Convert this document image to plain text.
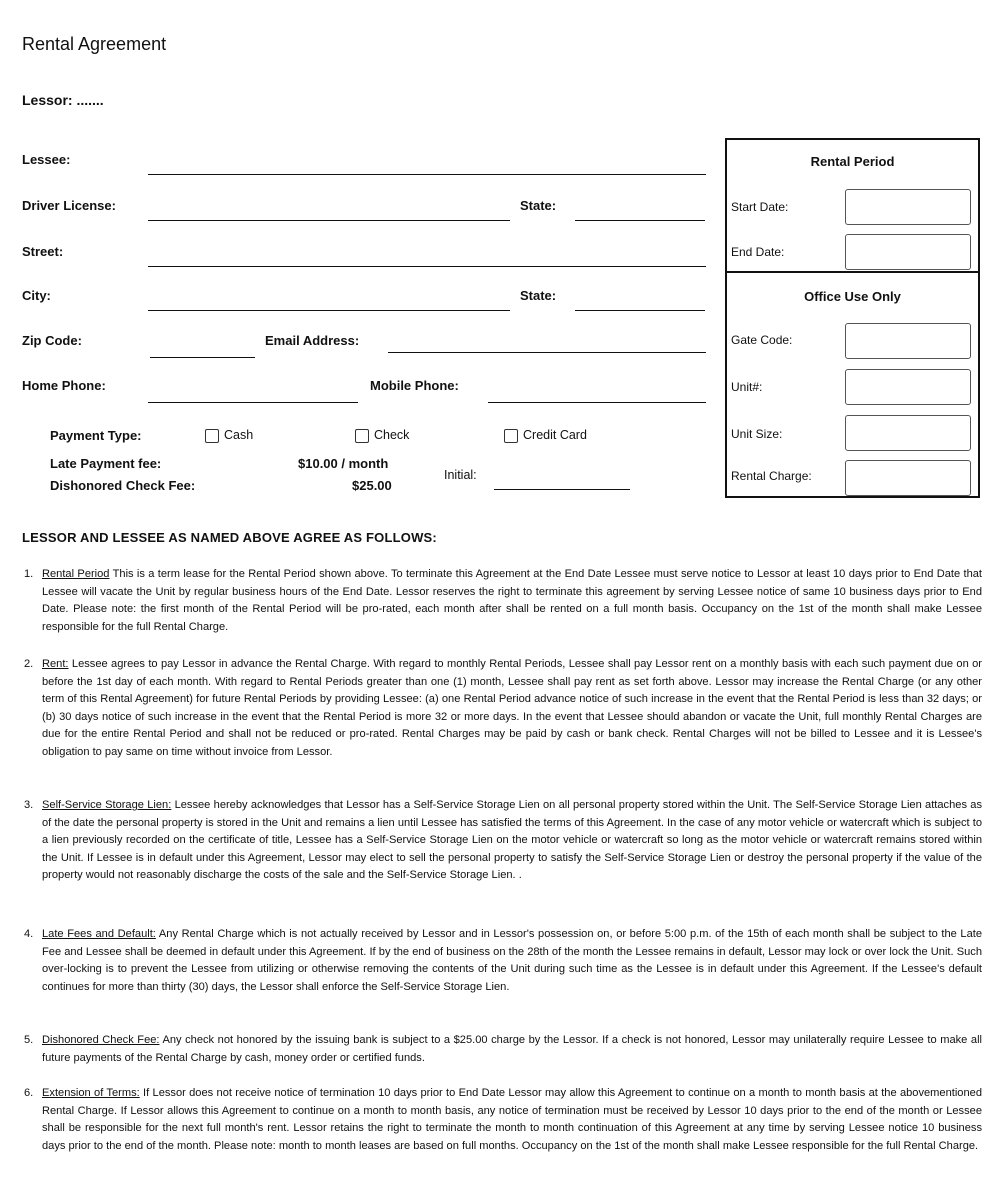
Rental Agreement
Lessor: .......
Lessee:
Driver License:	State:
Street:
City:	State:
Zip Code:	Email Address:
Home Phone:	Mobile Phone:
Payment Type:	Cash	Check	Credit Card
Late Payment fee:	$10.00 / month
Dishonored Check Fee:	$25.00
Initial:
Rental Period
Start Date:
End Date:
Office Use Only
Gate Code:
Unit#:
Unit Size:
Rental Charge:
LESSOR AND LESSEE AS NAMED ABOVE AGREE AS FOLLOWS:
1. Rental Period This is a term lease for the Rental Period shown above. To terminate this Agreement at the End Date Lessee must serve notice to Lessor at least 10 days prior to End Date that Lessee will vacate the Unit by regular business hours of the End Date. Lessor reserves the right to terminate this agreement by serving Lessee notice of same 10 business days prior to End Date. Please note: the first month of the Rental Period will be pro-rated, each month after shall be rented on a full month basis. Occupancy on the 1st of the month shall make Lessee responsible for the full Rental Charge.
2. Rent: Lessee agrees to pay Lessor in advance the Rental Charge. With regard to monthly Rental Periods, Lessee shall pay Lessor rent on a monthly basis with each such payment due on or before the 1st day of each month. With regard to Rental Periods greater than one (1) month, Lessee shall pay rent as set forth above. Lessor may increase the Rental Charge (or any other term of this Rental Agreement) for future Rental Periods by providing Lessee: (a) one Rental Period advance notice of such increase in the event that the Rental Period is less than 32 days; or (b) 30 days notice of such increase in the event that the Rental Period is more 32 or more days. In the event that Lessee should abandon or vacate the Unit, full monthly Rental Charges are due for the entire Rental Period and shall not be reduced or pro-rated. Rental Charges may be paid by cash or bank check. Rental Charges will not be billed to Lessee and it is Lessee's obligation to pay same on time without invoice from Lessor.
3. Self-Service Storage Lien: Lessee hereby acknowledges that Lessor has a Self-Service Storage Lien on all personal property stored within the Unit. The Self-Service Storage Lien attaches as of the date the personal property is stored in the Unit and remains a lien until Lessee has satisfied the terms of this Agreement. In the case of any motor vehicle or watercraft which is subject to a lien previously recorded on the certificate of title, Lessee has a Self-Service Storage Lien on the motor vehicle or watercraft so long as the motor vehicle or watercraft remains stored within the Unit. If Lessee is in default under this Agreement, Lessor may elect to sell the personal property to satisfy the Self-Service Storage Lien or destroy the personal property if the value of the property would not reasonably discharge the costs of the sale and the Self-Service Storage Lien. .
4. Late Fees and Default: Any Rental Charge which is not actually received by Lessor and in Lessor's possession on, or before 5:00 p.m. of the 15th of each month shall be subject to the Late Fee and Lessee shall be deemed in default under this Agreement. If by the end of business on the 28th of the month the Lessee remains in default, Lessor may lock or over lock the Unit. Such over-locking is to prevent the Lessee from utilizing or otherwise removing the contents of the Unit during such time as the Lessee is in default under this Agreement. If the Lessee's default continues for more than thirty (30) days, the Lessor shall enforce the Self-Service Storage Lien.
5. Dishonored Check Fee: Any check not honored by the issuing bank is subject to a $25.00 charge by the Lessor. If a check is not honored, Lessor may unilaterally require Lessee to make all future payments of the Rental Charge by cash, money order or certified funds.
6. Extension of Terms: If Lessor does not receive notice of termination 10 days prior to End Date Lessor may allow this Agreement to continue on a month to month basis at the abovementioned Rental Charge. If Lessor allows this Agreement to continue on a month to month basis, any notice of termination must be received by Lessor 10 days prior to the end of the month or Lessee shall be responsible for the next full month's rent. Lessor retains the right to terminate the month to month continuation of this Agreement at any time by serving Lessee notice 10 business days prior to the end of the month. Please note: month to month leases are based on full months. Occupancy on the 1st of the month shall make Lessee responsible for the full Rental Charge.
